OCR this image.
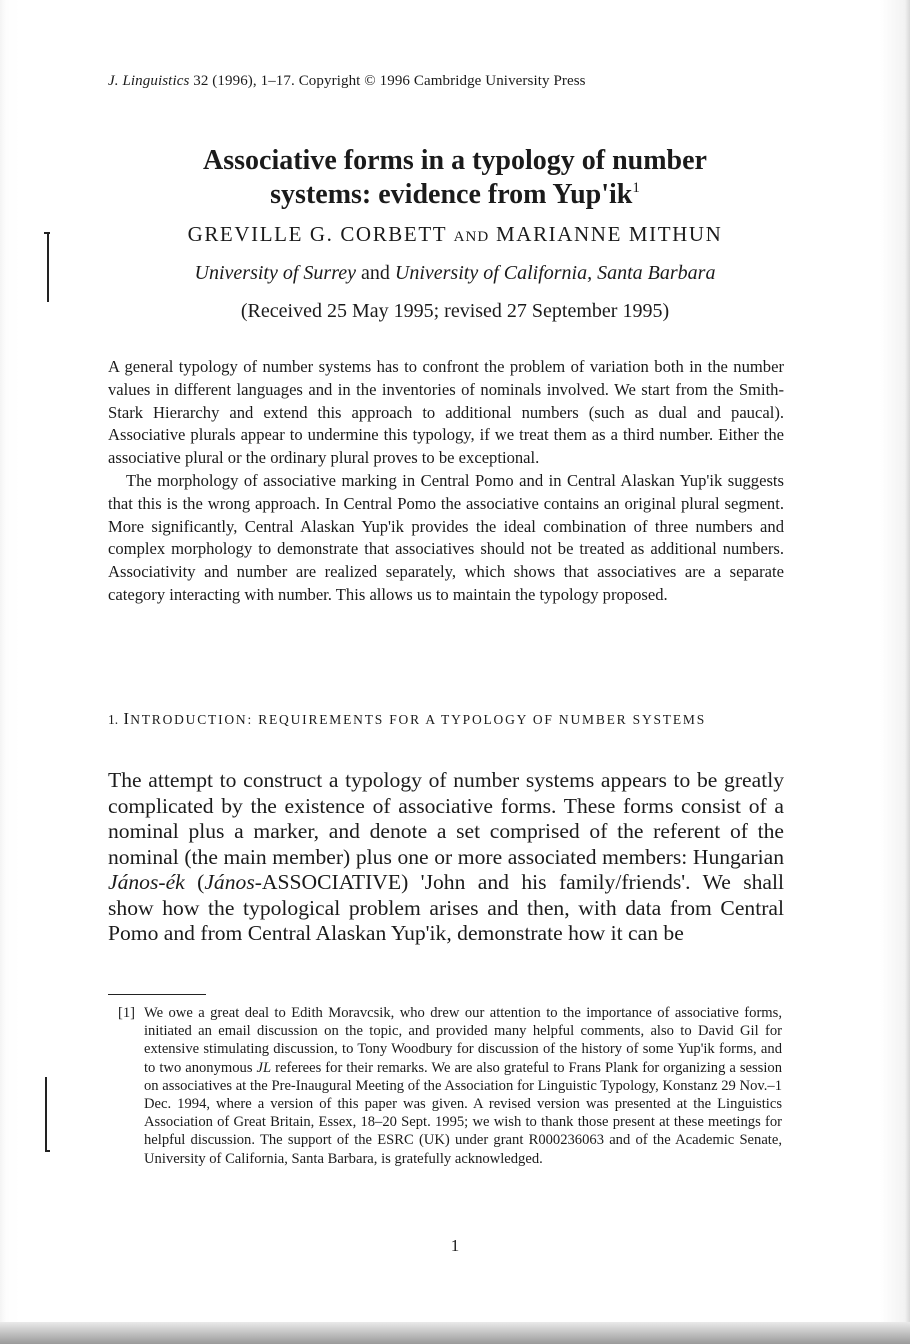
J. Linguistics 32 (1996), 1–17. Copyright © 1996 Cambridge University Press
Associative forms in a typology of number
systems: evidence from $Yup'ik^1$
GREVILLE G. CORBETT AND MARIANNE MITHUN
University of Surrey and University of California, Santa Barbara
(Received 25 May 1995; revised 27 September 1995)

A general typology of number systems has to confront the problem of variation both in the number values in different languages and in the inventories of nominals involved. We start from the Smith-Stark Hierarchy and extend this approach to additional numbers (such as dual and paucal). Associative plurals appear to undermine this typology, if we treat them as a third number. Either the associative plural or the ordinary plural proves to be exceptional.

The morphology of associative marking in Central Pomo and in Central Alaskan Yup'ik suggests that this is the wrong approach. In Central Pomo the associative contains an original plural segment. More significantly, Central Alaskan Yup'ik provides the ideal combination of three numbers and complex morphology to demonstrate that associatives should not be treated as additional numbers. Associativity and number are realized separately, which shows that associatives are a separate category interacting with number. This allows us to maintain the typology proposed.

1. INTRODUCTION: REQUIREMENTS FOR A TYPOLOGY OF NUMBER SYSTEMS

The attempt to construct a typology of number systems appears to be greatly complicated by the existence of associative forms. These forms consist of a nominal plus a marker, and denote a set comprised of the referent of the nominal (the main member) plus one or more associated members: Hungarian János-ék (János-ASSOCIATIVE) 'John and his family/friends'. We shall show how the typological problem arises and then, with data from Central Pomo and from Central Alaskan Yup'ik, demonstrate how it can be

[1] We owe a great deal to Edith Moravcsik, who drew our attention to the importance of associative forms, initiated an email discussion on the topic, and provided many helpful comments, also to David Gil for extensive stimulating discussion, to Tony Woodbury for discussion of the history of some Yup'ik forms, and to two anonymous JL referees for their remarks. We are also grateful to Frans Plank for organizing a session on associatives at the Pre-Inaugural Meeting of the Association for Linguistic Typology, Konstanz 29 Nov.–1 Dec. 1994, where a version of this paper was given. A revised version was presented at the Linguistics Association of Great Britain, Essex, 18–20 Sept. 1995; we wish to thank those present at these meetings for helpful discussion. The support of the ESRC (UK) under grant R000236063 and of the Academic Senate, University of California, Santa Barbara, is gratefully acknowledged.

1
